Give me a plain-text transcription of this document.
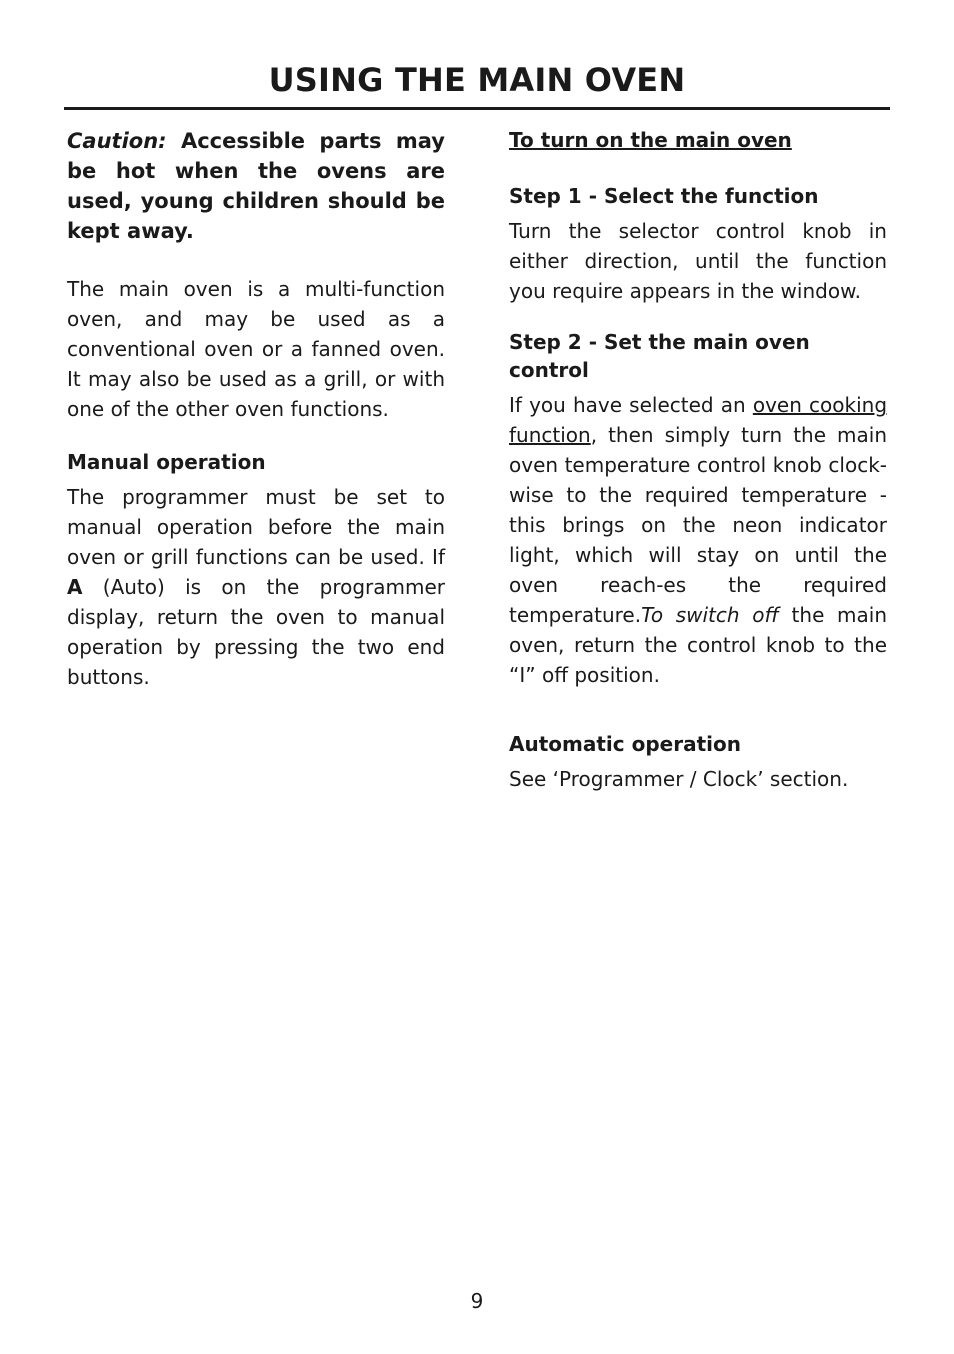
USING THE MAIN OVEN

Caution: Accessible parts may be hot when the ovens are used, young children should be kept away.

The main oven is a multi-function oven, and may be used as a conventional oven or a fanned oven. It may also be used as a grill, or with one of the other oven functions.

Manual operation

The programmer must be set to manual operation before the main oven or grill functions can be used. If A (Auto) is on the programmer display, return the oven to manual operation by pressing the two end buttons.

To turn on the main oven
Step 1 - Select the function

Turn the selector control knob in either direction, until the function you require appears in the window.

Step 2 - Set the main oven control

If you have selected an oven cooking function, then simply turn the main oven temperature control knob clock-wise to the required temperature - this brings on the neon indicator light, which will stay on until the oven reach-es the required temperature.To switch off the main oven, return the control knob to the “I” off position.

Automatic operation

See ‘Programmer / Clock’ section.

9
